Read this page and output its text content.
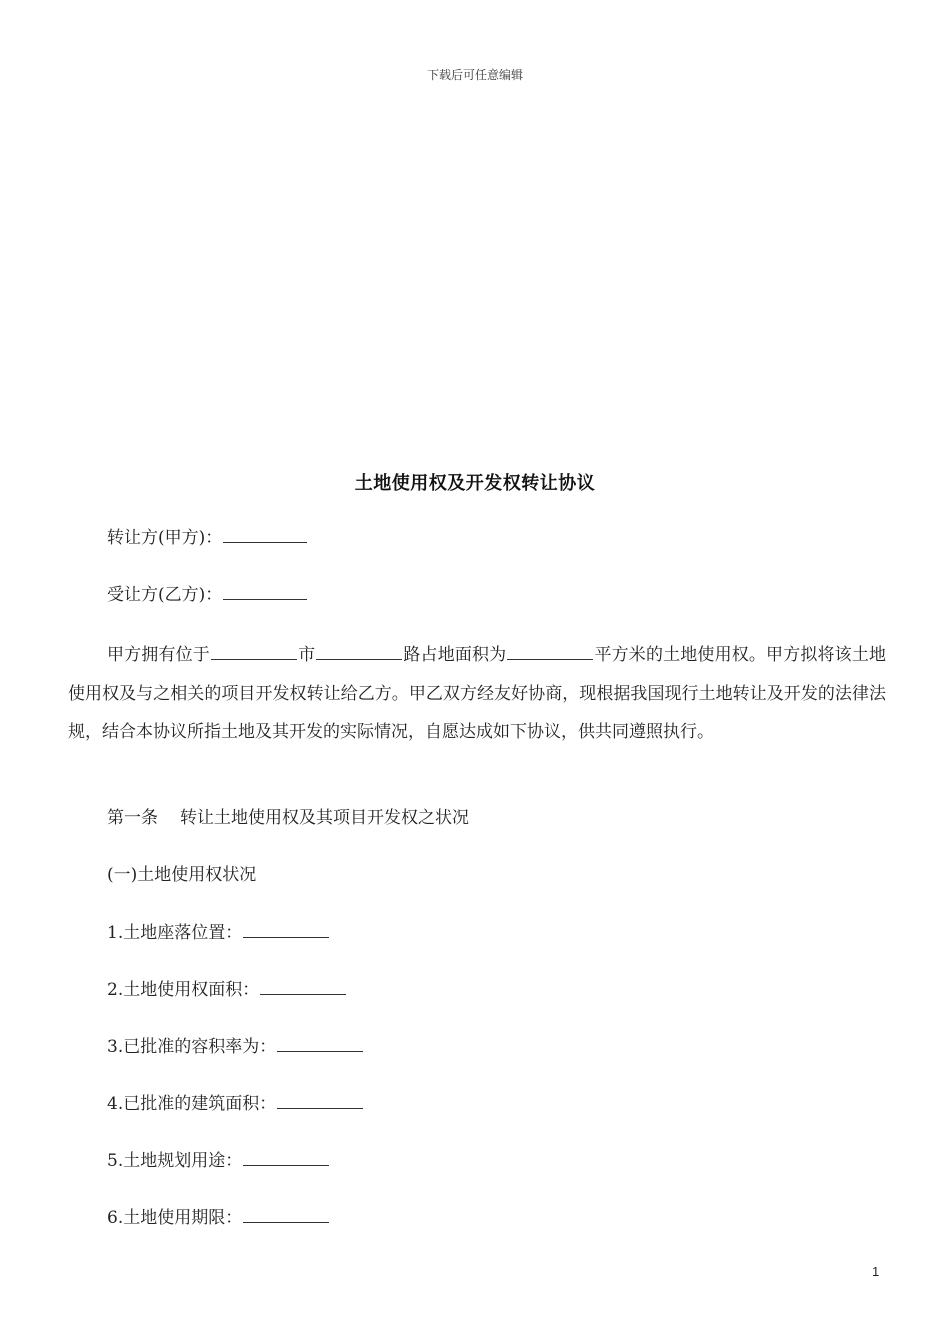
下载后可任意编辑
土地使用权及开发权转让协议
转让方(甲方)：
受让方(乙方)：
甲方拥有位于	市	路占地面积为	平方米的土地使用权。甲方拟将该土地使用权及与之相关的项目开发权转让给乙方。甲乙双方经友好协商，现根据我国现行土地转让及开发的法律法规，结合本协议所指土地及其开发的实际情况，自愿达成如下协议，供共同遵照执行。
第一条 转让土地使用权及其项目开发权之状况
(一)土地使用权状况
1.土地座落位置：
2.土地使用权面积：
3.已批准的容积率为：
4.已批准的建筑面积：
5.土地规划用途：
6.土地使用期限：
1
